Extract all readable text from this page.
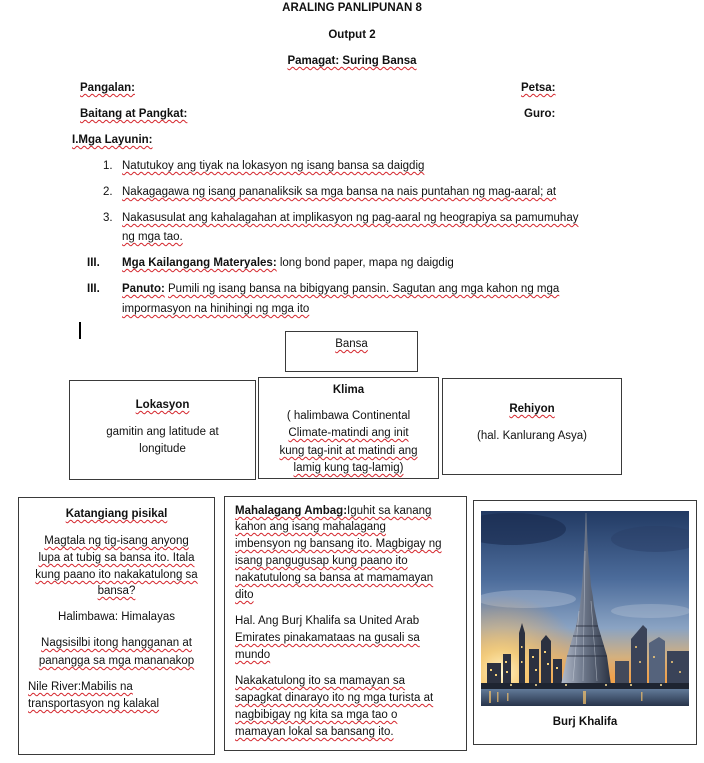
ARALING PANLIPUNAN 8
Output 2
Pamagat: Suring Bansa
Pangalan:	Petsa:
Baitang at Pangkat:	Guro:
I.Mga Layunin:
1. Natutukoy ang tiyak na lokasyon ng isang bansa sa daigdig
2. Nakagagawa ng isang pananaliksik sa mga bansa na nais puntahan ng mag-aaral; at
3. Nakasusulat ang kahalagahan at implikasyon ng pag-aaral ng heograpiya sa pamumuhay
ng mga tao.
III. Mga Kailangang Materyales: long bond paper, mapa ng daigdig
III. Panuto: Pumili ng isang bansa na bibigyang pansin. Sagutan ang mga kahon ng mga
impormasyon na hinihingi ng mga ito
Bansa
Lokasyon
gamitin ang latitude at
longitude
Klima
( halimbawa Continental
Climate-matindi ang init
kung tag-init at matindi ang
lamig kung tag-lamig)
Rehiyon
(hal. Kanlurang Asya)
Katangiang pisikal
Magtala ng tig-isang anyong
lupa at tubig sa bansa ito. Itala
kung paano ito nakakatulong sa
bansa?
Halimbawa: Himalayas
Nagsisilbi itong hangganan at
panangga sa mga mananakop
Nile River:Mabilis na
transportasyon ng kalakal
Mahalagang Ambag:Iguhit sa kanang
kahon ang isang mahalagang
imbensyon ng bansang ito. Magbigay ng
isang pangugusap kung paano ito
nakatutulong sa bansa at mamamayan
dito
Hal. Ang Burj Khalifa sa United Arab
Emirates pinakamataas na gusali sa
mundo
Nakakatulong ito sa mamayan sa
sapagkat dinarayo ito ng mga turista at
nagbibigay ng kita sa mga tao o
mamayan lokal sa bansang ito.
Burj Khalifa
